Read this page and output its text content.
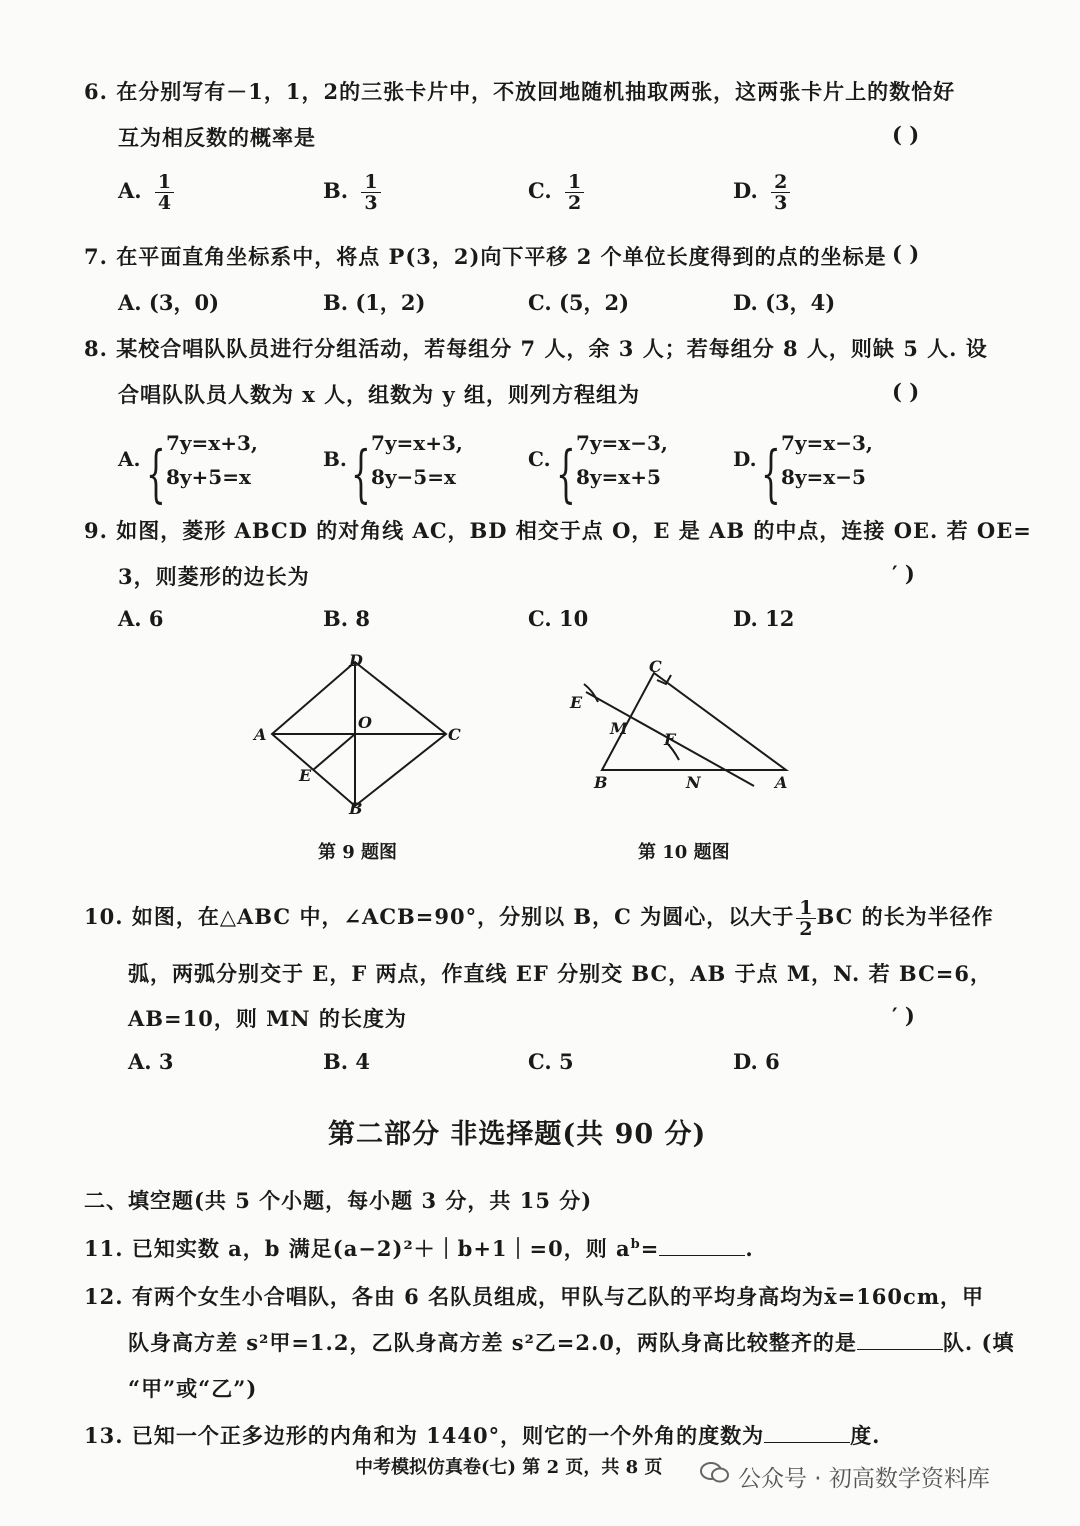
6. 在分别写有－1，1，2的三张卡片中，不放回地随机抽取两张，这两张卡片上的数恰好
互为相反数的概率是	( )
A. $\frac{1}{4}$	B. $\frac{1}{3}$	C. $\frac{1}{2}$	D. $\frac{2}{3}$
7. 在平面直角坐标系中，将点 P(3，2)向下平移 2 个单位长度得到的点的坐标是 ( )
A. (3，0)	B. (1，2)	C. (5，2)	D. (3，4)
8. 某校合唱队队员进行分组活动，若每组分 7 人，余 3 人；若每组分 8 人，则缺 5 人. 设
合唱队队员人数为 x 人，组数为 y 组，则列方程组为	( )
A. { 7y=x+3,
8y+5=x
B. { 7y=x+3,
8y−5=x
C. { 7y=x−3,
8y=x+5
D. { 7y=x−3,
8y=x−5
9. 如图，菱形 ABCD 的对角线 AC，BD 相交于点 O，E 是 AB 的中点，连接 OE. 若 OE=
3，则菱形的边长为	′ )
A. 6	B. 8	C. 10	D. 12
D
A	C
O
E
B
第 9 题图
C
E
M
F
B	N	A
第 10 题图
10. 如图，在△ABC 中，∠ACB=90°，分别以 B，C 为圆心，以大于 $\frac{1}{2}$ BC 的长为半径作
弧，两弧分别交于 E，F 两点，作直线 EF 分别交 BC，AB 于点 M，N. 若 BC=6，
AB=10，则 MN 的长度为	′ )
A. 3	B. 4	C. 5	D. 6
第二部分 非选择题(共 90 分)
二、填空题(共 5 个小题，每小题 3 分，共 15 分)
11. 已知实数 a，b 满足(a−2)²＋｜b+1｜=0，则 $a^b=$	.
12. 有两个女生小合唱队，各由 6 名队员组成，甲队与乙队的平均身高均为x̄=160cm，甲
队身高方差 s²甲=1.2，乙队身高方差 s²乙=2.0，两队身高比较整齐的是	队. (填
“甲”或“乙”)
13. 已知一个正多边形的内角和为 1440°，则它的一个外角的度数为	度.
中考模拟仿真卷(七) 第 2 页，共 8 页	公众号 · 初高数学资料库
